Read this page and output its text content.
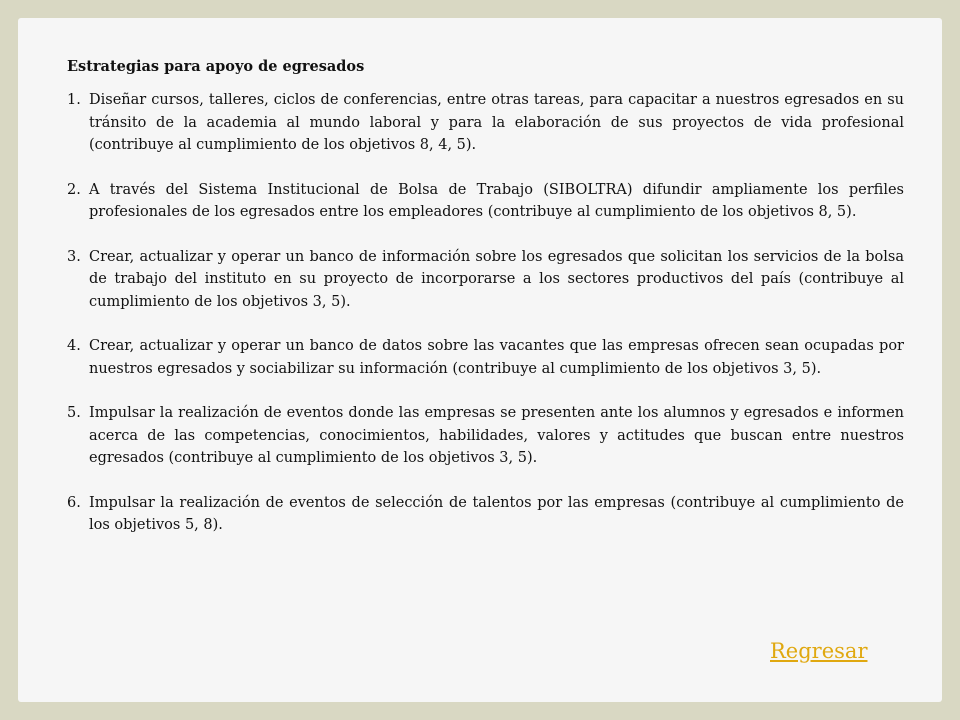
Estrategias para apoyo de egresados
1. Diseñar cursos, talleres, ciclos de conferencias, entre otras tareas, para capacitar a nuestros egresados en su tránsito de la academia al mundo laboral y para la elaboración de sus proyectos de vida profesional (contribuye al cumplimiento de los objetivos 8, 4, 5).
2. A través del Sistema Institucional de Bolsa de Trabajo (SIBOLTRA) difundir ampliamente los perfiles profesionales de los egresados entre los empleadores (contribuye al cumplimiento de los objetivos 8, 5).
3. Crear, actualizar y operar un banco de información sobre los egresados que solicitan los servicios de la bolsa de trabajo del instituto en su proyecto de incorporarse a los sectores productivos del país (contribuye al cumplimiento de los objetivos 3, 5).
4. Crear, actualizar y operar un banco de datos sobre las vacantes que las empresas ofrecen sean ocupadas por nuestros egresados y sociabilizar su información (contribuye al cumplimiento de los objetivos 3, 5).
5. Impulsar la realización de eventos donde las empresas se presenten ante los alumnos y egresados e informen acerca de las competencias, conocimientos, habilidades, valores y actitudes que buscan entre nuestros egresados (contribuye al cumplimiento de los objetivos 3, 5).
6. Impulsar la realización de eventos de selección de talentos por las empresas (contribuye al cumplimiento de los objetivos 5, 8).
Regresar
